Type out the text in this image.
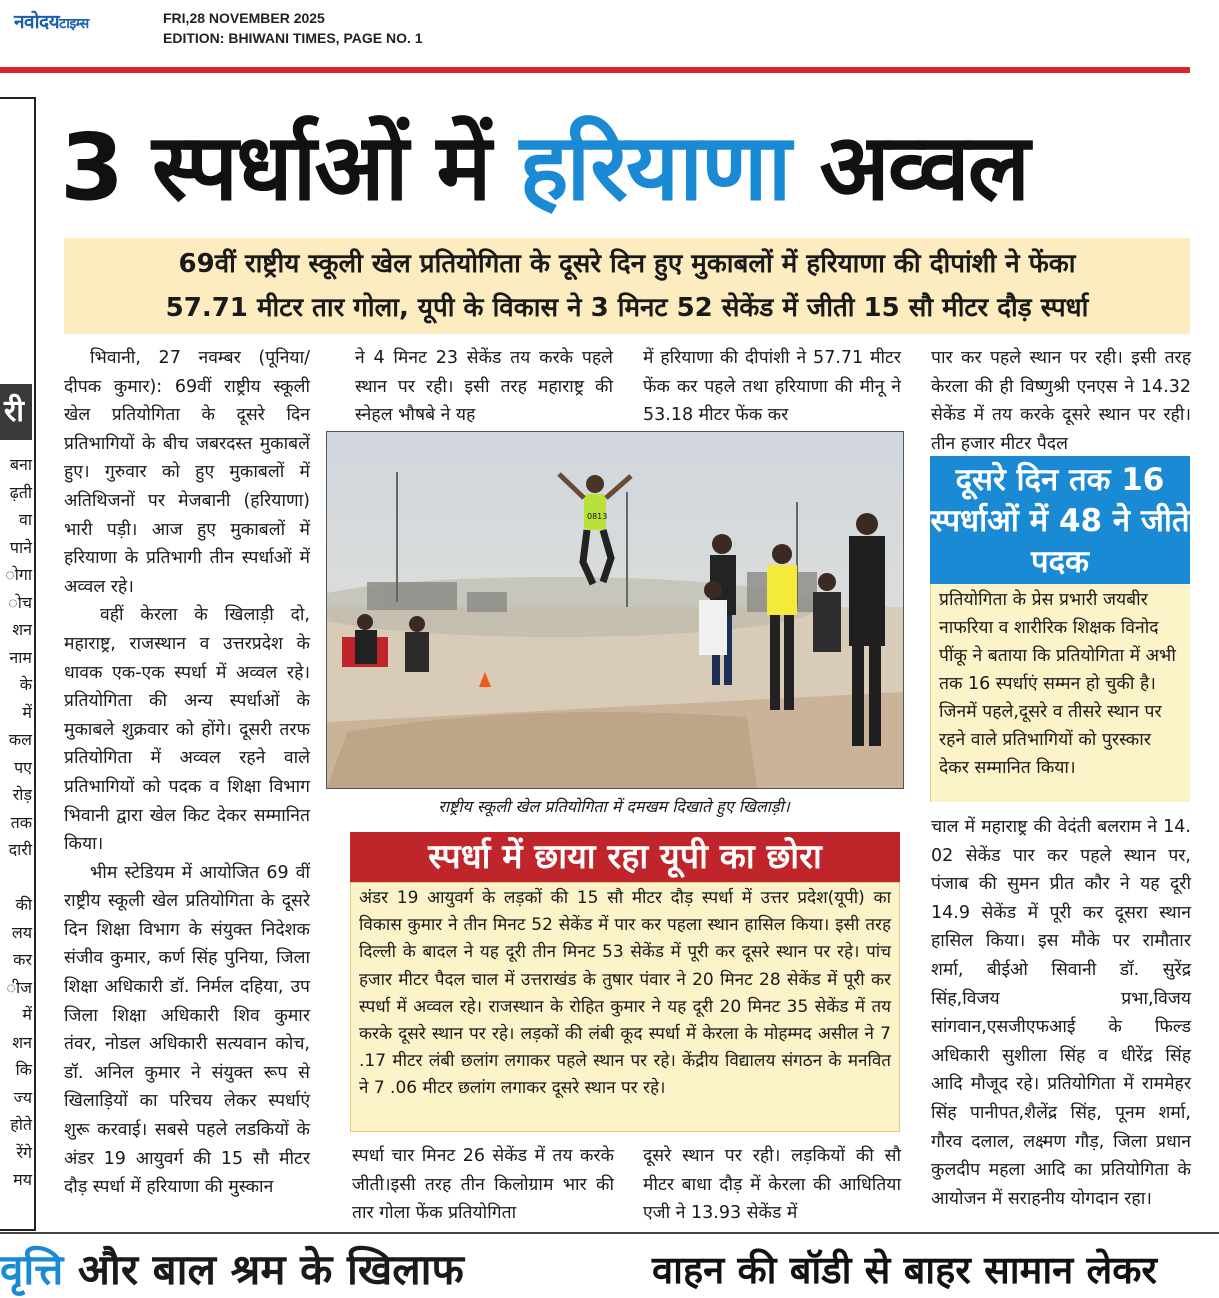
नवोदयटाइम्स	FRI,28 NOVEMBER 2025
EDITION: BHIWANI TIMES, PAGE NO. 1
री
बना
ढ़ती
वा
पाने
ोगा
ोच
शन
नाम
के
में
कल
पए
रोड़
तक
दारी

की
लय
कर
ीज
में
शन
कि
ज्य
होते
रेंगे
मय
3 स्पर्धाओं में हरियाणा अव्वल
69वीं राष्ट्रीय स्कूली खेल प्रतियोगिता के दूसरे दिन हुए मुकाबलों में हरियाणा की दीपांशी ने फेंका
57.71 मीटर तार गोला, यूपी के विकास ने 3 मिनट 52 सेकेंड में जीती 15 सौ मीटर दौड़ स्पर्धा

भिवानी, 27 नवम्बर (पूनिया/दीपक कुमार): 69वीं राष्ट्रीय स्कूली खेल प्रतियोगिता के दूसरे दिन प्रतिभागियों के बीच जबरदस्त मुकाबलें हुए। गुरुवार को हुए मुकाबलों में अतिथिजनों पर मेजबानी (हरियाणा) भारी पड़ी। आज हुए मुकाबलों में हरियाणा के प्रतिभागी तीन स्पर्धाओं में अव्वल रहे।

वहीं केरला के खिलाड़ी दो, महाराष्ट्र, राजस्थान व उत्तरप्रदेश के धावक एक-एक स्पर्धा में अव्वल रहे। प्रतियोगिता की अन्य स्पर्धाओं के मुकाबले शुक्रवार को होंगे। दूसरी तरफ प्रतियोगिता में अव्वल रहने वाले प्रतिभागियों को पदक व शिक्षा विभाग भिवानी द्वारा खेल किट देकर सम्मानित किया।

भीम स्टेडियम में आयोजित 69 वीं राष्ट्रीय स्कूली खेल प्रतियोगिता के दूसरे दिन शिक्षा विभाग के संयुक्त निदेशक संजीव कुमार, कर्ण सिंह पुनिया, जिला शिक्षा अधिकारी डॉ. निर्मल दहिया, उप जिला शिक्षा अधिकारी शिव कुमार तंवर, नोडल अधिकारी सत्यवान कोच, डॉ. अनिल कुमार ने संयुक्त रूप से खिलाड़ियों का परिचय लेकर स्पर्धाएं शुरू करवाई। सबसे पहले लडकियों के अंडर 19 आयुवर्ग की 15 सौ मीटर दौड़ स्पर्धा में हरियाणा की मुस्कान

ने 4 मिनट 23 सेकेंड तय करके पहले स्थान पर रही। इसी तरह महाराष्ट्र की स्नेहल भौषबे ने यह
में हरियाणा की दीपांशी ने 57.71 मीटर फेंक कर पहले तथा हरियाणा की मीनू ने 53.18 मीटर फेंक कर
पार कर पहले स्थान पर रही। इसी तरह केरला की ही विष्णुश्री एनएस ने 14.32 सेकेंड में तय करके दूसरे स्थान पर रही। तीन हजार मीटर पैदल
0813
राष्ट्रीय स्कूली खेल प्रतियोगिता में दमखम दिखाते हुए खिलाड़ी।
स्पर्धा में छाया रहा यूपी का छोरा
अंडर 19 आयुवर्ग के लड़कों की 15 सौ मीटर दौड़ स्पर्धा में उत्तर प्रदेश(यूपी) का विकास कुमार ने तीन मिनट 52 सेकेंड में पार कर पहला स्थान हासिल किया। इसी तरह दिल्ली के बादल ने यह दूरी तीन मिनट 53 सेकेंड में पूरी कर दूसरे स्थान पर रहे। पांच हजार मीटर पैदल चाल में उत्तराखंड के तुषार पंवार ने 20 मिनट 28 सेकेंड में पूरी कर स्पर्धा में अव्वल रहे। राजस्थान के रोहित कुमार ने यह दूरी 20 मिनट 35 सेकेंड में तय करके दूसरे स्थान पर रहे। लड़कों की लंबी कूद स्पर्धा में केरला के मोहम्मद असील ने 7 .17 मीटर लंबी छलांग लगाकर पहले स्थान पर रहे। केंद्रीय विद्यालय संगठन के मनवित ने 7 .06 मीटर छलांग लगाकर दूसरे स्थान पर रहे।
दूसरे दिन तक 16 स्पर्धाओं में 48 ने जीते पदक
प्रतियोगिता के प्रेस प्रभारी जयबीर नाफरिया व शारीरिक शिक्षक विनोद पींकू ने बताया कि प्रतियोगिता में अभी तक 16 स्पर्धाएं सम्मन हो चुकी है। जिनमें पहले,दूसरे व तीसरे स्थान पर रहने वाले प्रतिभागियों को पुरस्कार देकर सम्मानित किया।
स्पर्धा चार मिनट 26 सेकेंड में तय करके जीती।इसी तरह तीन किलोग्राम भार की तार गोला फेंक प्रतियोगिता
दूसरे स्थान पर रही। लड़कियों की सौ मीटर बाधा दौड़ में केरला की आधितिया एजी ने 13.93 सेकेंड में
चाल में महाराष्ट्र की वेदंती बलराम ने 14. 02 सेकेंड पार कर पहले स्थान पर, पंजाब की सुमन प्रीत कौर ने यह दूरी 14.9 सेकेंड में पूरी कर दूसरा स्थान हासिल किया। इस मौके पर रामौतार शर्मा, बीईओ सिवानी डॉ. सुरेंद्र सिंह,विजय प्रभा,विजय सांगवान,एसजीएफआई के फिल्ड अधिकारी सुशीला सिंह व धीरेंद्र सिंह आदि मौजूद रहे। प्रतियोगिता में राममेहर सिंह पानीपत,शैलेंद्र सिंह, पूनम शर्मा, गौरव दलाल, लक्ष्मण गौड़, जिला प्रधान कुलदीप महला आदि का प्रतियोगिता के आयोजन में सराहनीय योगदान रहा।
वृत्ति और बाल श्रम के खिलाफ	वाहन की बॉडी से बाहर सामान लेकर
